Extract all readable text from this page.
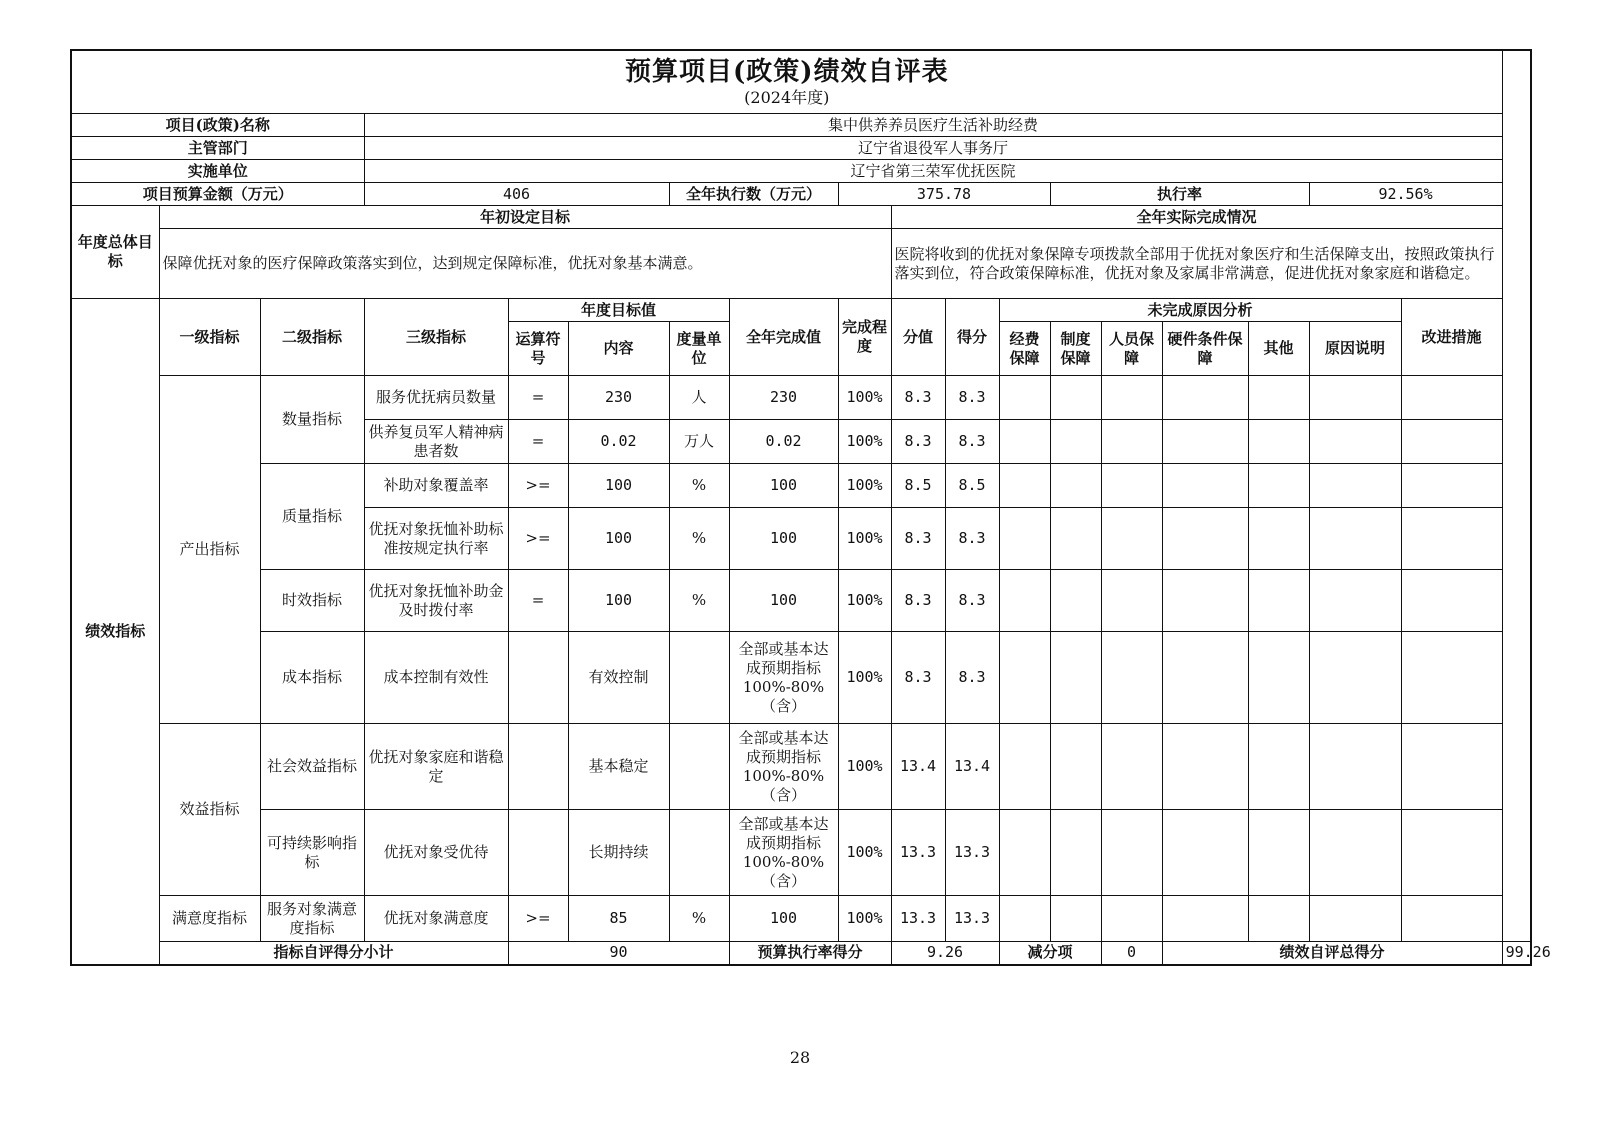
预算项目(政策)绩效自评表
(2024年度)																		

项目(政策)名称			集中供养养员医疗生活补助经费															
主管部门			辽宁省退役军人事务厅															
实施单位			辽宁省第三荣军优抚医院															
项目预算金额（万元）			406			全年执行数（万元）		375.78				执行率				92.56%		
年度总体目标	年初设定目标								全年实际完成情况									
	保障优抚对象的医疗保障政策落实到位，达到规定保障标准，优抚对象基本满意。								医院将收到的优抚对象保障专项拨款全部用于优抚对象医疗和生活保障支出，按照政策执行落实到位，符合政策保障标准，优抚对象及家属非常满意，促进优抚对象家庭和谐稳定。									
绩效指标	一级指标	二级指标	三级指标	年度目标值			全年完成值	完成程度	分值	得分	未完成原因分析						改进措施	
				运算符号	内容	度量单位					经费保障	制度保障	人员保障	硬件条件保障	其他	原因说明		
	产出指标	数量指标	服务优抚病员数量	=	230	人	230	100%	8.3	8.3								
			供养复员军人精神病患者数	=	0.02	万人	0.02	100%	8.3	8.3								
		质量指标	补助对象覆盖率	>=	100	%	100	100%	8.5	8.5								
			优抚对象抚恤补助标准按规定执行率	>=	100	%	100	100%	8.3	8.3								
		时效指标	优抚对象抚恤补助金及时拨付率	=	100	%	100	100%	8.3	8.3								
		成本指标	成本控制有效性		有效控制		全部或基本达成预期指标100%-80%（含）	100%	8.3	8.3								
	效益指标	社会效益指标	优抚对象家庭和谐稳定		基本稳定		全部或基本达成预期指标100%-80%（含）	100%	13.4	13.4								
		可持续影响指标	优抚对象受优待		长期持续		全部或基本达成预期指标100%-80%（含）	100%	13.3	13.3								
	满意度指标	服务对象满意度指标	优抚对象满意度	>=	85	%	100	100%	13.3	13.3								
	指标自评得分小计			90			预算执行率得分		9.26		减分项		0	绩效自评总得分				99.26
28
